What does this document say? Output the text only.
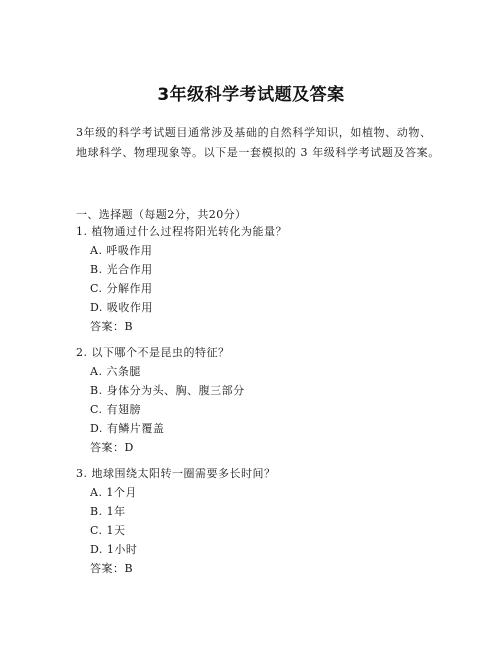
3年级科学考试题及答案

3年级的科学考试题目通常涉及基础的自然科学知识，如植物、动物、

地球科学、物理现象等。以下是一套模拟的 3 年级科学考试题及答案。

一、选择题（每题2分，共20分）
1. 植物通过什么过程将阳光转化为能量？
A. 呼吸作用
B. 光合作用
C. 分解作用
D. 吸收作用
答案：B
2. 以下哪个不是昆虫的特征？
A. 六条腿
B. 身体分为头、胸、腹三部分
C. 有翅膀
D. 有鳞片覆盖
答案：D
3. 地球围绕太阳转一圈需要多长时间？
A. 1个月
B. 1年
C. 1天
D. 1小时
答案：B
